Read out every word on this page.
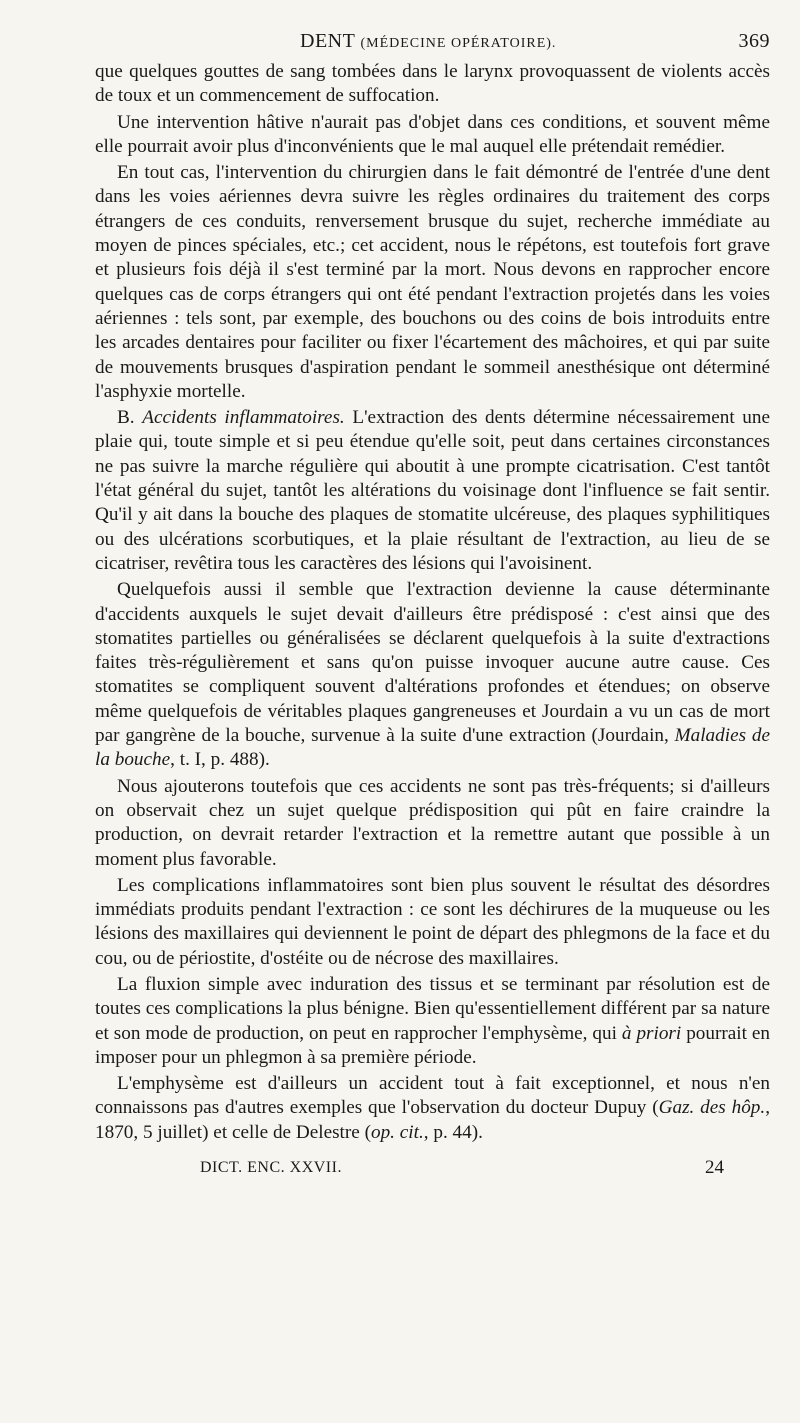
DENT (MÉDECINE OPÉRATOIRE).	369

que quelques gouttes de sang tombées dans le larynx provoquassent de violents accès de toux et un commencement de suffocation.

Une intervention hâtive n'aurait pas d'objet dans ces conditions, et souvent même elle pourrait avoir plus d'inconvénients que le mal auquel elle prétendait remédier.

En tout cas, l'intervention du chirurgien dans le fait démontré de l'entrée d'une dent dans les voies aériennes devra suivre les règles ordinaires du traitement des corps étrangers de ces conduits, renversement brusque du sujet, recherche immédiate au moyen de pinces spéciales, etc.; cet accident, nous le répétons, est toutefois fort grave et plusieurs fois déjà il s'est terminé par la mort. Nous devons en rapprocher encore quelques cas de corps étrangers qui ont été pendant l'extraction projetés dans les voies aériennes : tels sont, par exemple, des bouchons ou des coins de bois introduits entre les arcades dentaires pour faciliter ou fixer l'écartement des mâchoires, et qui par suite de mouvements brusques d'aspiration pendant le sommeil anesthésique ont déterminé l'asphyxie mortelle.

B. Accidents inflammatoires. L'extraction des dents détermine nécessairement une plaie qui, toute simple et si peu étendue qu'elle soit, peut dans certaines circonstances ne pas suivre la marche régulière qui aboutit à une prompte cicatrisation. C'est tantôt l'état général du sujet, tantôt les altérations du voisinage dont l'influence se fait sentir. Qu'il y ait dans la bouche des plaques de stomatite ulcéreuse, des plaques syphilitiques ou des ulcérations scorbutiques, et la plaie résultant de l'extraction, au lieu de se cicatriser, revêtira tous les caractères des lésions qui l'avoisinent.

Quelquefois aussi il semble que l'extraction devienne la cause déterminante d'accidents auxquels le sujet devait d'ailleurs être prédisposé : c'est ainsi que des stomatites partielles ou généralisées se déclarent quelquefois à la suite d'extractions faites très-régulièrement et sans qu'on puisse invoquer aucune autre cause. Ces stomatites se compliquent souvent d'altérations profondes et étendues; on observe même quelquefois de véritables plaques gangreneuses et Jourdain a vu un cas de mort par gangrène de la bouche, survenue à la suite d'une extraction (Jourdain, Maladies de la bouche, t. I, p. 488).

Nous ajouterons toutefois que ces accidents ne sont pas très-fréquents; si d'ailleurs on observait chez un sujet quelque prédisposition qui pût en faire craindre la production, on devrait retarder l'extraction et la remettre autant que possible à un moment plus favorable.

Les complications inflammatoires sont bien plus souvent le résultat des désordres immédiats produits pendant l'extraction : ce sont les déchirures de la muqueuse ou les lésions des maxillaires qui deviennent le point de départ des phlegmons de la face et du cou, ou de périostite, d'ostéite ou de nécrose des maxillaires.

La fluxion simple avec induration des tissus et se terminant par résolution est de toutes ces complications la plus bénigne. Bien qu'essentiellement différent par sa nature et son mode de production, on peut en rapprocher l'emphysème, qui à priori pourrait en imposer pour un phlegmon à sa première période.

L'emphysème est d'ailleurs un accident tout à fait exceptionnel, et nous n'en connaissons pas d'autres exemples que l'observation du docteur Dupuy (Gaz. des hôp., 1870, 5 juillet) et celle de Delestre (op. cit., p. 44).

DICT. ENC. XXVII.	24
